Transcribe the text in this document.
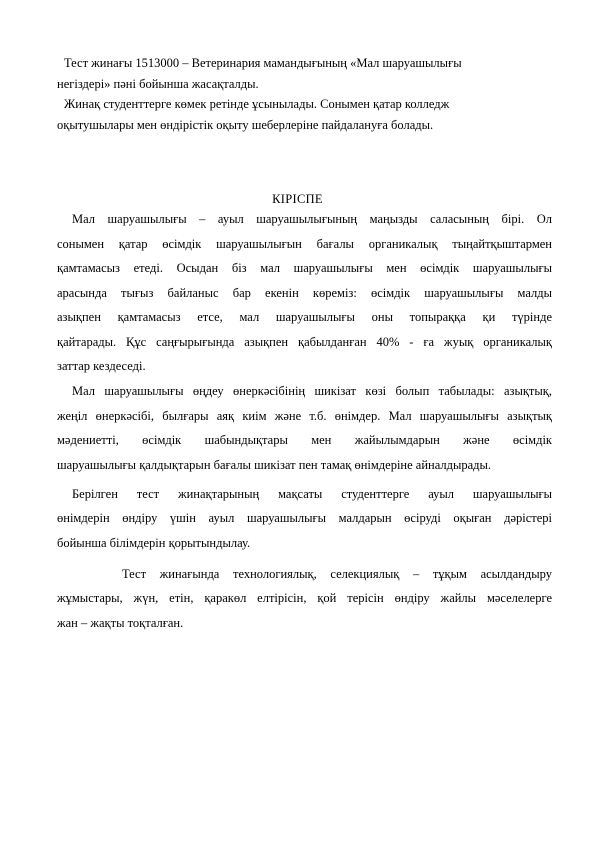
Тест жинағы 1513000 – Ветеринария мамандығының «Мал шаруашылығы

негіздері» пәні бойынша жасақталды.

Жинақ студенттерге көмек ретінде ұсынылады. Сонымен қатар колледж

оқытушылары мен өндірістік оқыту шеберлеріне пайдалануға болады.

КІРІСПЕ

Мал шаруашылығы – ауыл шаруашылығының маңызды саласының бірі. Ол

сонымен қатар өсімдік шаруашылығын бағалы органикалық тыңайтқыштармен

қамтамасыз етеді. Осыдан біз мал шаруашылығы мен өсімдік шаруашылығы

арасында тығыз байланыс бар екенін көреміз: өсімдік шаруашылығы малды

азықпен қамтамасыз етсе, мал шаруашылығы оны топыраққа қи түрінде

қайтарады. Құс саңғырығында азықпен қабылданған 40% - ға жуық органикалық

заттар кездеседі.

Мал шаруашылығы өңдеу өнеркәсібінің шикізат көзі болып табылады: азықтық,

жеңіл өнеркәсібі, былғары аяқ киім және т.б. өнімдер. Мал шаруашылығы азықтық

мәдениетті, өсімдік шабындықтары мен жайылымдарын және өсімдік

шаруашылығы қалдықтарын бағалы шикізат пен тамақ өнімдеріне айналдырады.

Берілген тест жинақтарының мақсаты студенттерге ауыл шаруашылығы

өнімдерін өндіру үшін ауыл шаруашылығы малдарын өсіруді оқыған дәрістері

бойынша білімдерін қорытындылау.

Тест жинағында технологиялық, селекциялық – тұқым асылдандыру

жұмыстары, жүн, етін, қаракөл елтірісін, қой терісін өндіру жайлы мәселелерге

жан – жақты тоқталған.
